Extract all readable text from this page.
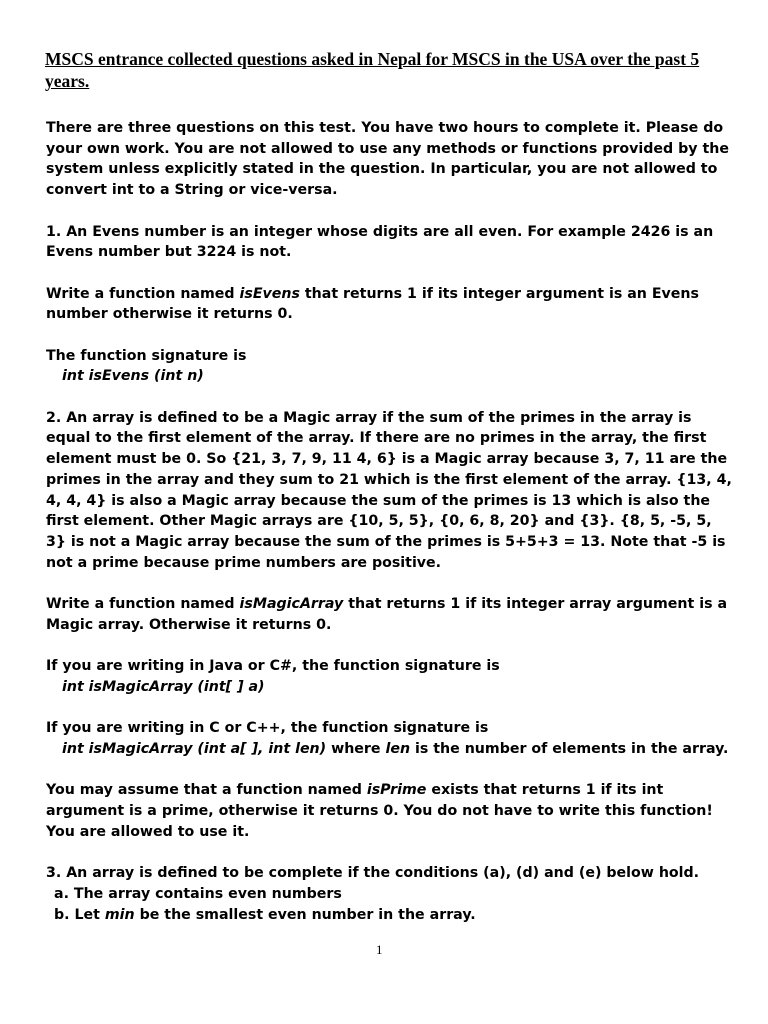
MSCS entrance collected questions asked in Nepal for MSCS in the USA over the past 5 years.

There are three questions on this test. You have two hours to complete it. Please do your own work. You are not allowed to use any methods or functions provided by the system unless explicitly stated in the question. In particular, you are not allowed to convert int to a String or vice-versa.

1. An Evens number is an integer whose digits are all even. For example 2426 is an Evens number but 3224 is not.

Write a function named isEvens that returns 1 if its integer argument is an Evens number otherwise it returns 0.

The function signature is

int isEvens (int n)

2. An array is defined to be a Magic array if the sum of the primes in the array is equal to the first element of the array. If there are no primes in the array, the first element must be 0. So {21, 3, 7, 9, 11 4, 6} is a Magic array because 3, 7, 11 are the primes in the array and they sum to 21 which is the first element of the array. {13, 4, 4, 4, 4} is also a Magic array because the sum of the primes is 13 which is also the first element. Other Magic arrays are {10, 5, 5}, {0, 6, 8, 20} and {3}. {8, 5, -5, 5, 3} is not a Magic array because the sum of the primes is 5+5+3 = 13. Note that -5 is not a prime because prime numbers are positive.

Write a function named isMagicArray that returns 1 if its integer array argument is a Magic array. Otherwise it returns 0.

If you are writing in Java or C#, the function signature is

int isMagicArray (int[ ] a)

If you are writing in C or C++, the function signature is

int isMagicArray (int a[ ], int len) where len is the number of elements in the array.

You may assume that a function named isPrime exists that returns 1 if its int argument is a prime, otherwise it returns 0. You do not have to write this function! You are allowed to use it.

3. An array is defined to be complete if the conditions (a), (d) and (e) below hold.

a. The array contains even numbers

b. Let min be the smallest even number in the array.

1
